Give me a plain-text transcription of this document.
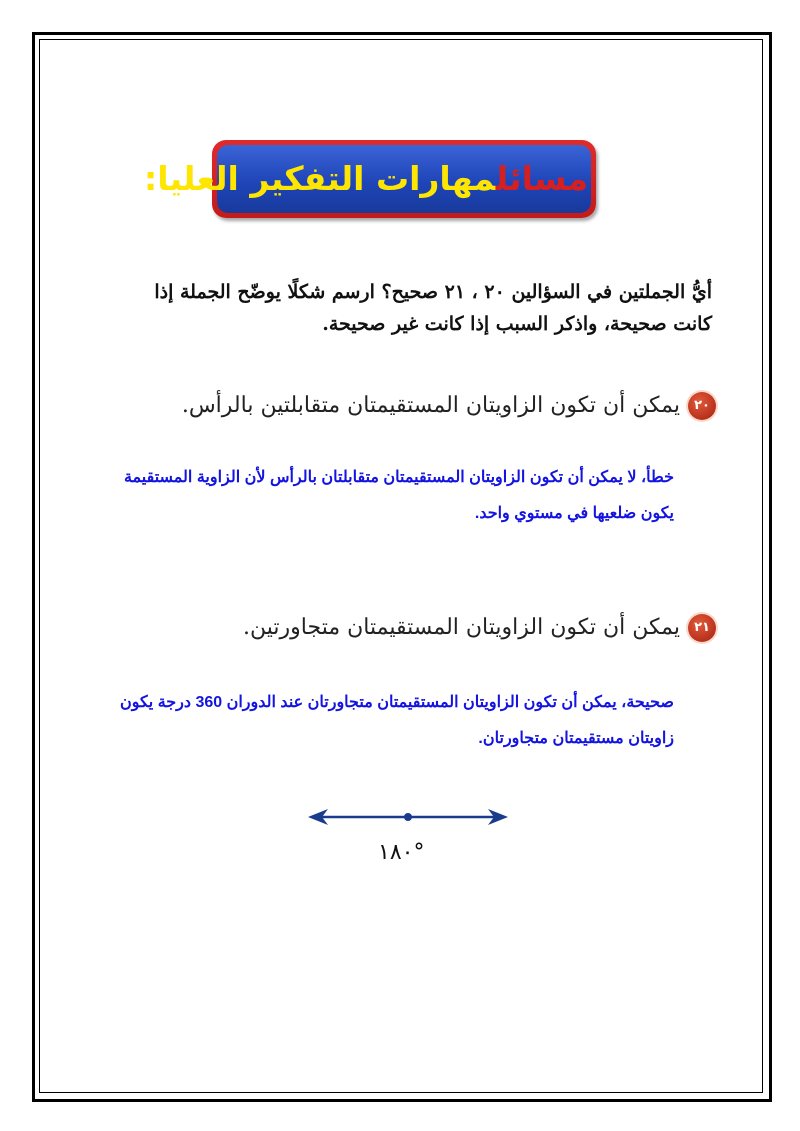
مسائلمهارات التفكير العليا:
أيُّ الجملتين في السؤالين ٢٠ ، ٢١ صحيح؟ ارسم شكلًا يوضّح الجملة إذا كانت صحيحة، واذكر السبب إذا كانت غير صحيحة.
٢٠يمكن أن تكون الزاويتان المستقيمتان متقابلتين بالرأس.
خطأ، لا يمكن أن تكون الزاويتان المستقيمتان متقابلتان بالرأس لأن الزاوية المستقيمة يكون ضلعيها في مستوي واحد.
٢١يمكن أن تكون الزاويتان المستقيمتان متجاورتين.
صحيحة، يمكن أن تكون الزاويتان المستقيمتان متجاورتان عند الدوران 360 درجة يكون زاويتان مستقيمتان متجاورتان.
١٨٠°
